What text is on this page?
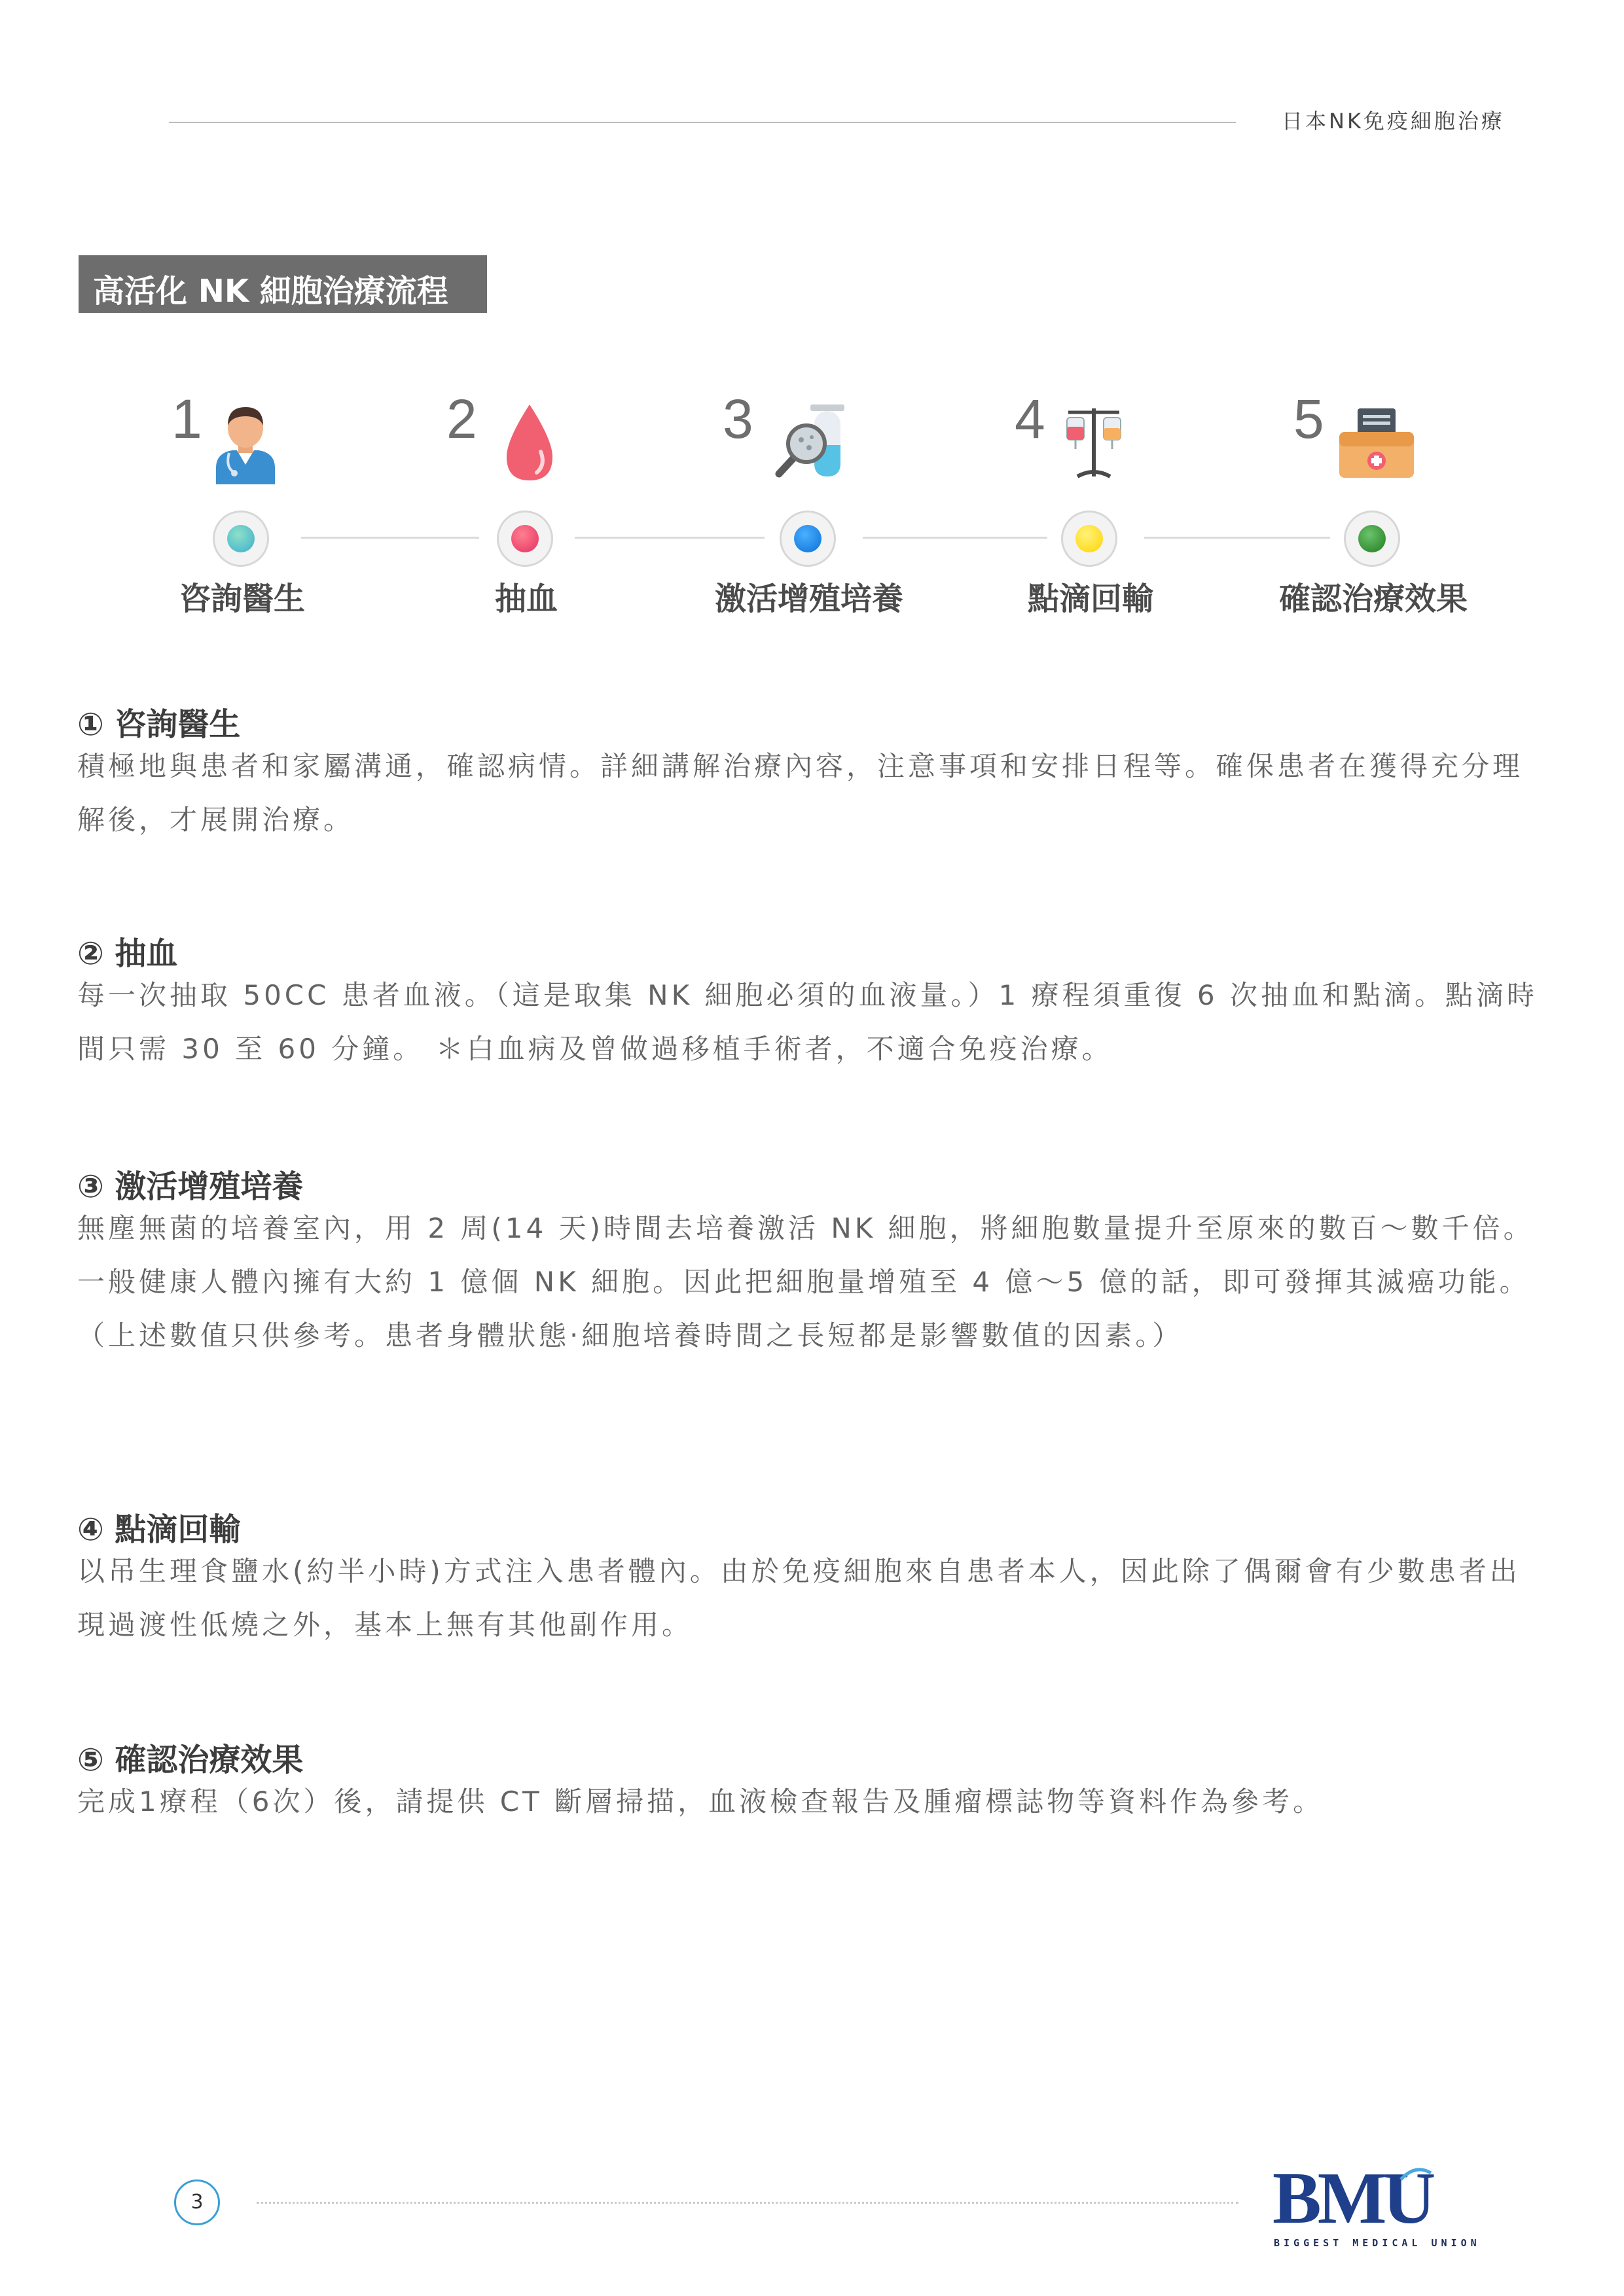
日本NK免疫細胞治療
高活化 NK 細胞治療流程
1
咨詢醫生
2
抽血
3
激活增殖培養
4
點滴回輸
5
確認治療效果
① 咨詢醫生
積極地與患者和家屬溝通，確認病情。詳細講解治療內容，注意事項和安排日程等。確保患者在獲得充分理解後，才展開治療。
② 抽血
每一次抽取 50CC 患者血液。（這是取集 NK 細胞必須的血液量。）1 療程須重復 6 次抽血和點滴。點滴時間只需 30 至 60 分鐘。 ＊白血病及曾做過移植手術者，不適合免疫治療。
③ 激活增殖培養
無塵無菌的培養室內，用 2 周(14 天)時間去培養激活 NK 細胞，將細胞數量提升至原來的數百～數千倍。一般健康人體內擁有大約 1 億個 NK 細胞。因此把細胞量增殖至 4 億～5 億的話，即可發揮其滅癌功能。（上述數值只供參考。患者身體狀態‧細胞培養時間之長短都是影響數值的因素。）
④ 點滴回輸
以吊生理食鹽水(約半小時)方式注入患者體內。由於免疫細胞來自患者本人，因此除了偶爾會有少數患者出現過渡性低燒之外，基本上無有其他副作用。
⑤ 確認治療效果
完成1療程（6次）後，請提供 CT 斷層掃描，血液檢查報告及腫瘤標誌物等資料作為參考。
3	BMU
BIGGEST MEDICAL UNION
